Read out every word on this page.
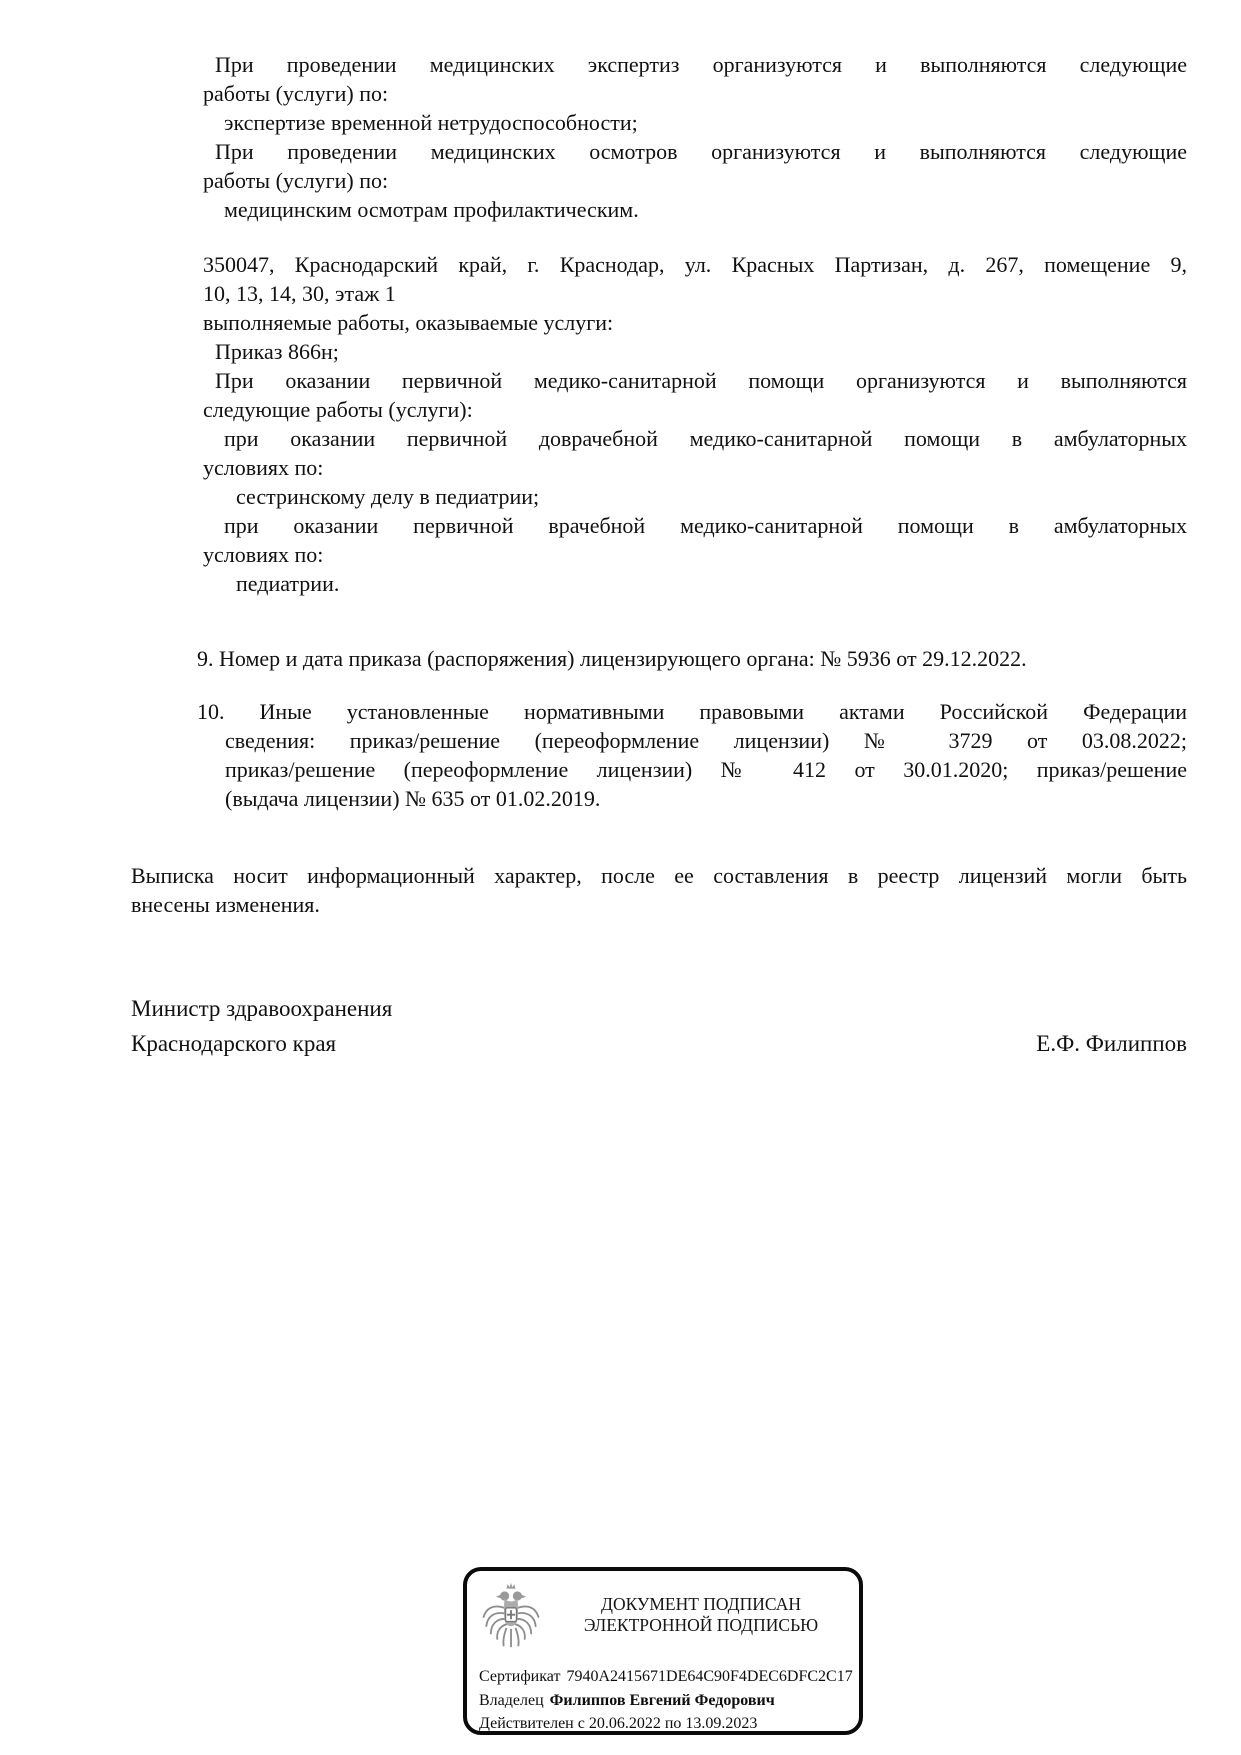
При проведении медицинских экспертиз организуются и выполняются следующие
работы (услуги) по:
экспертизе временной нетрудоспособности;
При проведении медицинских осмотров организуются и выполняются следующие
работы (услуги) по:
медицинским осмотрам профилактическим.
350047, Краснодарский край, г. Краснодар, ул. Красных Партизан, д. 267, помещение 9,
10, 13, 14, 30, этаж 1
выполняемые работы, оказываемые услуги:
Приказ 866н;
При оказании первичной медико-санитарной помощи организуются и выполняются
следующие работы (услуги):
при оказании первичной доврачебной медико-санитарной помощи в амбулаторных
условиях по:
сестринскому делу в педиатрии;
при оказании первичной врачебной медико-санитарной помощи в амбулаторных
условиях по:
педиатрии.
9. Номер и дата приказа (распоряжения) лицензирующего органа: № 5936 от 29.12.2022.
10. Иные установленные нормативными правовыми актами Российской Федерации
сведения: приказ/решение (переоформление лицензии) № 3729 от 03.08.2022;
приказ/решение (переоформление лицензии) № 412 от 30.01.2020; приказ/решение
(выдача лицензии) № 635 от 01.02.2019.
Выписка носит информационный характер, после ее составления в реестр лицензий могли быть
внесены изменения.
Министр здравоохранения
Краснодарского края	Е.Ф. Филиппов
ДОКУМЕНТ ПОДПИСАН
ЭЛЕКТРОННОЙ ПОДПИСЬЮ
Сертификат 7940A2415671DE64C90F4DEC6DFC2C17
Владелец Филиппов Евгений Федорович
Действителен с 20.06.2022 по 13.09.2023
